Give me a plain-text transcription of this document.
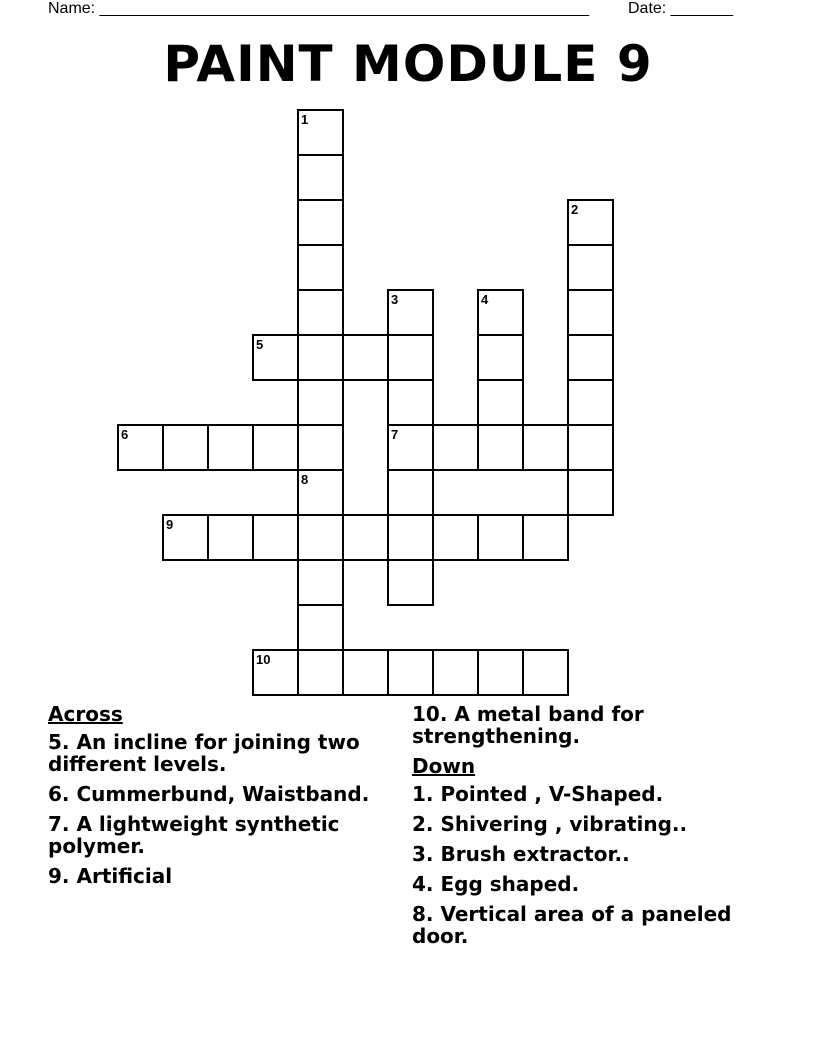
Name: _______________________________________________________ Date: _______
PAINT MODULE 9
1
2
3	4
5
6	7
8
9
10
Across
5. An incline for joining two different levels.
6. Cummerbund, Waistband.
7. A lightweight synthetic polymer.
9. Artificial
10. A metal band for strengthening.
Down
1. Pointed , V-Shaped.
2. Shivering , vibrating..
3. Brush extractor..
4. Egg shaped.
8. Vertical area of a paneled door.
